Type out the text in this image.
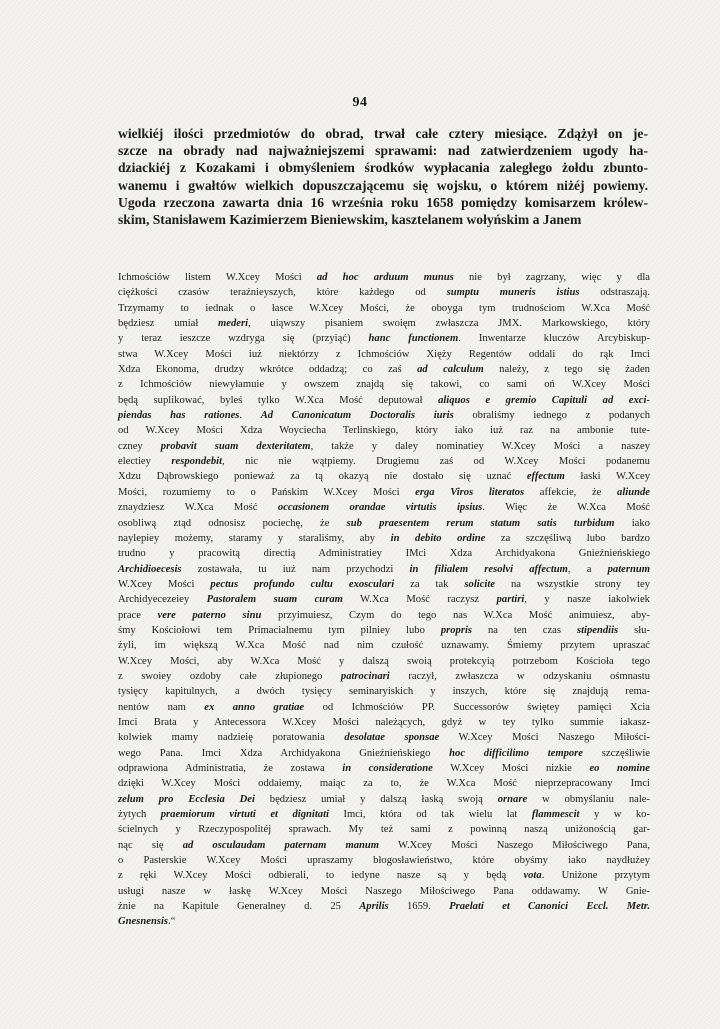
94
wielkiéj ilości przedmiotów do obrad, trwał całe cztery miesiące. Zdążył on je-
szcze na obrady nad najważniejszemi sprawami: nad zatwierdzeniem ugody ha-
dziackiéj z Kozakami i obmyśleniem środków wypłacania zaległego żołdu zbunto-
wanemu i gwałtów wielkich dopuszczającemu się wojsku, o którem niżéj powiemy.
Ugoda rzeczona zawarta dnia 16 września roku 1658 pomiędzy komisarzem królew-
skim, Stanisławem Kazimierzem Bieniewskim, kasztelanem wołyńskim a Janem
Ichmościów listem W.Xcey Mości ad hoc arduum munus nie był zagrzany, więc y dla
ciężkości czasów teraźnieyszych, które każdego od sumptu muneris istius odstraszają.
Trzymamy to iednak o łasce W.Xcey Mości, że oboyga tym trudnościom W.Xca Mość
będziesz umiał mederi, uiąwszy pisaniem swoięm zwłaszcza JMX. Markowskiego, który
y teraz ieszcze wzdryga się (przyiąć) hanc functionem. Inwentarze kluczów Arcybiskup-
stwa W.Xcey Mości iuż niektórzy z Ichmościów Xięży Regentów oddali do rąk Imci
Xdza Ekonoma, drudzy wkrótce oddadzą; co zaś ad calculum należy, z tego się żaden
z Ichmościów niewyłamuie y owszem znajdą się takowi, co sami oń W.Xcey Mości
będą suplikować, byleś tylko W.Xca Mość deputował aliquos e gremio Capituli ad exci-
piendas has rationes. Ad Canonicatum Doctoralis iuris obraliśmy iednego z podanych
od W.Xcey Mości Xdza Woyciecha Terlinskiego, który iako iuż raz na ambonie tute-
czney probavit suam dexteritatem, także y daley nominatiey W.Xcey Mości a naszey
electiey respondebit, nic nie wątpiemy. Drugiemu zaś od W.Xcey Mości podanemu
Xdzu Dąbrowskiego ponieważ za tą okazyą nie dostało się uznać effectum łaski W.Xcey
Mości, rozumiemy to o Pańskim W.Xcey Mości erga Viros literatos affekcie, że aliunde
znaydziesz W.Xca Mość occasionem orandae virtutis ipsius. Więc że W.Xca Mość
osobliwą ztąd odnosisz pociechę, że sub praesentem rerum statum satis turbidum iako
naylepiey możemy, staramy y staraliśmy, aby in debito ordine za szczęśliwą lubo bardzo
trudno y pracowitą directią Administratiey IMci Xdza Archidyakona Gnieźnieńskiego
Archidioecesis zostawała, tu iuż nam przychodzi in filialem resolvi affectum, a paternum
W.Xcey Mości pectus profundo cultu exosculari za tak solicite na wszystkie strony tey
Archidyecezeiey Pastoralem suam curam W.Xca Mość raczysz partiri, y nasze iakolwiek
prace vere paterno sinu przyimuiesz, Czym do tego nas W.Xca Mość animuiesz, aby-
śmy Kościołowi tem Primacialnemu tym pilniey lubo propris na ten czas stipendiis słu-
żyli, im większą W.Xca Mość nad nim czułość uznawamy. Śmiemy przytem upraszać
W.Xcey Mości, aby W.Xca Mość y dalszą swoią protekcyią potrzebom Kościoła tego
z swoiey ozdoby całe złupionego patrocinari raczył, zwłaszcza w odzyskaniu ośmnastu
tysięcy kapitulnych, a dwóch tysięcy seminaryiskich y inszych, które się znajdują rema-
nentów nam ex anno gratiae od Ichmościów PP. Successorów świętey pamięci Xcia
Imci Brata y Antecessora W.Xcey Mości należących, gdyż w tey tylko summie iakasz-
kolwiek mamy nadzieię poratowania desolatae sponsae W.Xcey Mości Naszego Miłości-
wego Pana. Imci Xdza Archidyakona Gnieźnieńskiego hoc difficilimo tempore szczęśliwie
odprawiona Administratia, że zostawa in consideratione W.Xcey Mości nizkie eo nomine
dzięki W.Xcey Mości oddaiemy, maiąc za to, że W.Xca Mość nieprzepracowany Imci
zelum pro Ecclesia Dei będziesz umiał y dalszą łaską swoją ornare w obmyślaniu nale-
żytych praemiorum virtuti et dignitati Imci, która od tak wielu lat flammescit y w ko-
ścielnych y Rzeczypospolitéj sprawach. My też sami z powinną naszą uniżonością gar-
nąc się ad osculaudam paternam manum W.Xcey Mości Naszego Miłościwego Pana,
o Pasterskie W.Xcey Mości upraszamy błogosławieństwo, które obyśmy iako naydłużey
z ręki W.Xcey Mości odbierali, to iedyne nasze są y będą vota. Uniżone przytym
usługi nasze w łaskę W.Xcey Mości Naszego Miłościwego Pana oddawamy. W Gnie-
żnie na Kapitule Generalney d. 25 Aprilis 1659. Praelati et Canonici Eccl. Metr.
Gnesnensis.“
